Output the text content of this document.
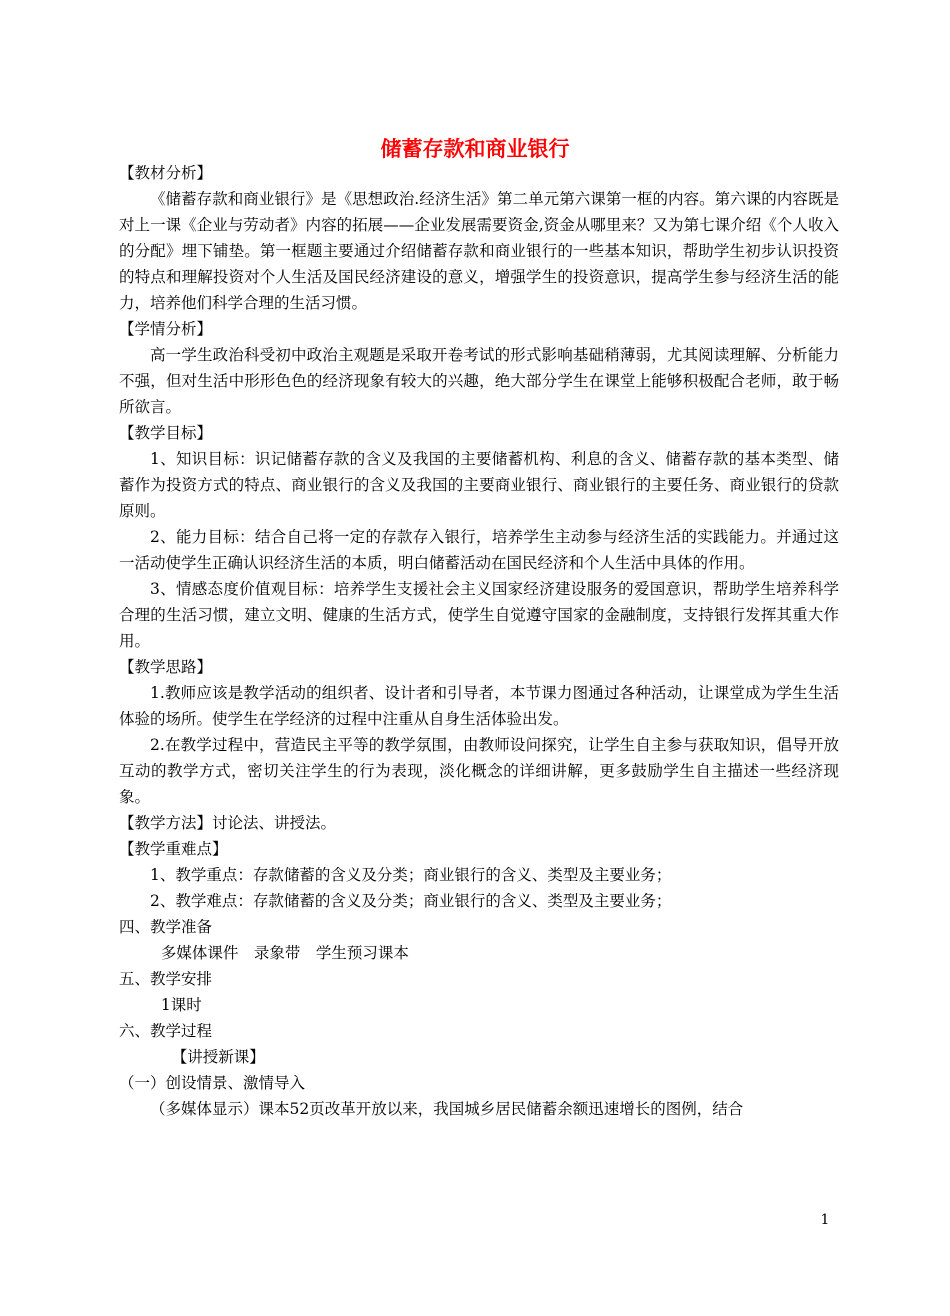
储蓄存款和商业银行

【教材分析】

《储蓄存款和商业银行》是《思想政治.经济生活》第二单元第六课第一框的内容。第六课的内容既是对上一课《企业与劳动者》内容的拓展——企业发展需要资金,资金从哪里来？又为第七课介绍《个人收入的分配》埋下铺垫。第一框题主要通过介绍储蓄存款和商业银行的一些基本知识，帮助学生初步认识投资的特点和理解投资对个人生活及国民经济建设的意义，增强学生的投资意识，提高学生参与经济生活的能力，培养他们科学合理的生活习惯。

【学情分析】

高一学生政治科受初中政治主观题是采取开卷考试的形式影响基础稍薄弱，尤其阅读理解、分析能力不强，但对生活中形形色色的经济现象有较大的兴趣，绝大部分学生在课堂上能够积极配合老师，敢于畅所欲言。

【教学目标】

1、知识目标：识记储蓄存款的含义及我国的主要储蓄机构、利息的含义、储蓄存款的基本类型、储蓄作为投资方式的特点、商业银行的含义及我国的主要商业银行、商业银行的主要任务、商业银行的贷款原则。

2、能力目标：结合自己将一定的存款存入银行，培养学生主动参与经济生活的实践能力。并通过这一活动使学生正确认识经济生活的本质，明白储蓄活动在国民经济和个人生活中具体的作用。

3、情感态度价值观目标：培养学生支援社会主义国家经济建设服务的爱国意识，帮助学生培养科学合理的生活习惯，建立文明、健康的生活方式，使学生自觉遵守国家的金融制度，支持银行发挥其重大作用。

【教学思路】

1.教师应该是教学活动的组织者、设计者和引导者，本节课力图通过各种活动，让课堂成为学生生活体验的场所。使学生在学经济的过程中注重从自身生活体验出发。

2.在教学过程中，营造民主平等的教学氛围，由教师设问探究，让学生自主参与获取知识，倡导开放互动的教学方式，密切关注学生的行为表现，淡化概念的详细讲解，更多鼓励学生自主描述一些经济现象。

【教学方法】讨论法、讲授法。

【教学重难点】

1、教学重点：存款储蓄的含义及分类；商业银行的含义、类型及主要业务；

2、教学难点：存款储蓄的含义及分类；商业银行的含义、类型及主要业务；

四、教学准备

多媒体课件　录象带　学生预习课本

五、教学安排

1课时

六、教学过程

【讲授新课】

（一）创设情景、激情导入

（多媒体显示）课本52页改革开放以来，我国城乡居民储蓄余额迅速增长的图例，结合

1
